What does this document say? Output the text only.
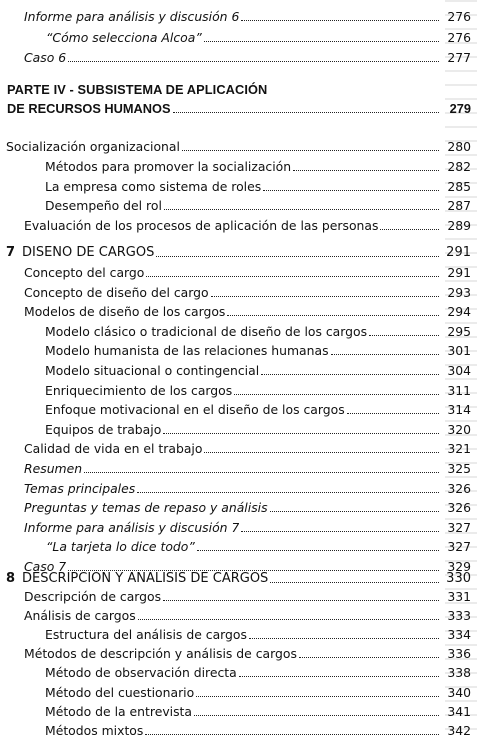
Informe para análisis y discusión 6	276
“Cómo selecciona Alcoa”	276
Caso 6	277
PARTE IV - SUBSISTEMA DE APLICACIÓN
DE RECURSOS HUMANOS	279
Socialización organizacional	280
Métodos para promover la socialización	282
La empresa como sistema de roles	285
Desempeño del rol	287
Evaluación de los procesos de aplicación de las personas	289
7 DISEÑO DE CARGOS	291
Concepto del cargo	291
Concepto de diseño del cargo	293
Modelos de diseño de los cargos	294
Modelo clásico o tradicional de diseño de los cargos	295
Modelo humanista de las relaciones humanas	301
Modelo situacional o contingencial	304
Enriquecimiento de los cargos	311
Enfoque motivacional en el diseño de los cargos	314
Equipos de trabajo	320
Calidad de vida en el trabajo	321
Resumen	325
Temas principales	326
Preguntas y temas de repaso y análisis	326
Informe para análisis y discusión 7	327
“La tarjeta lo dice todo”	327
Caso 7	329
8 DESCRIPCIÓN Y ANÁLISIS DE CARGOS	330
Descripción de cargos	331
Análisis de cargos	333
Estructura del análisis de cargos	334
Métodos de descripción y análisis de cargos	336
Método de observación directa	338
Método del cuestionario	340
Método de la entrevista	341
Métodos mixtos	342
